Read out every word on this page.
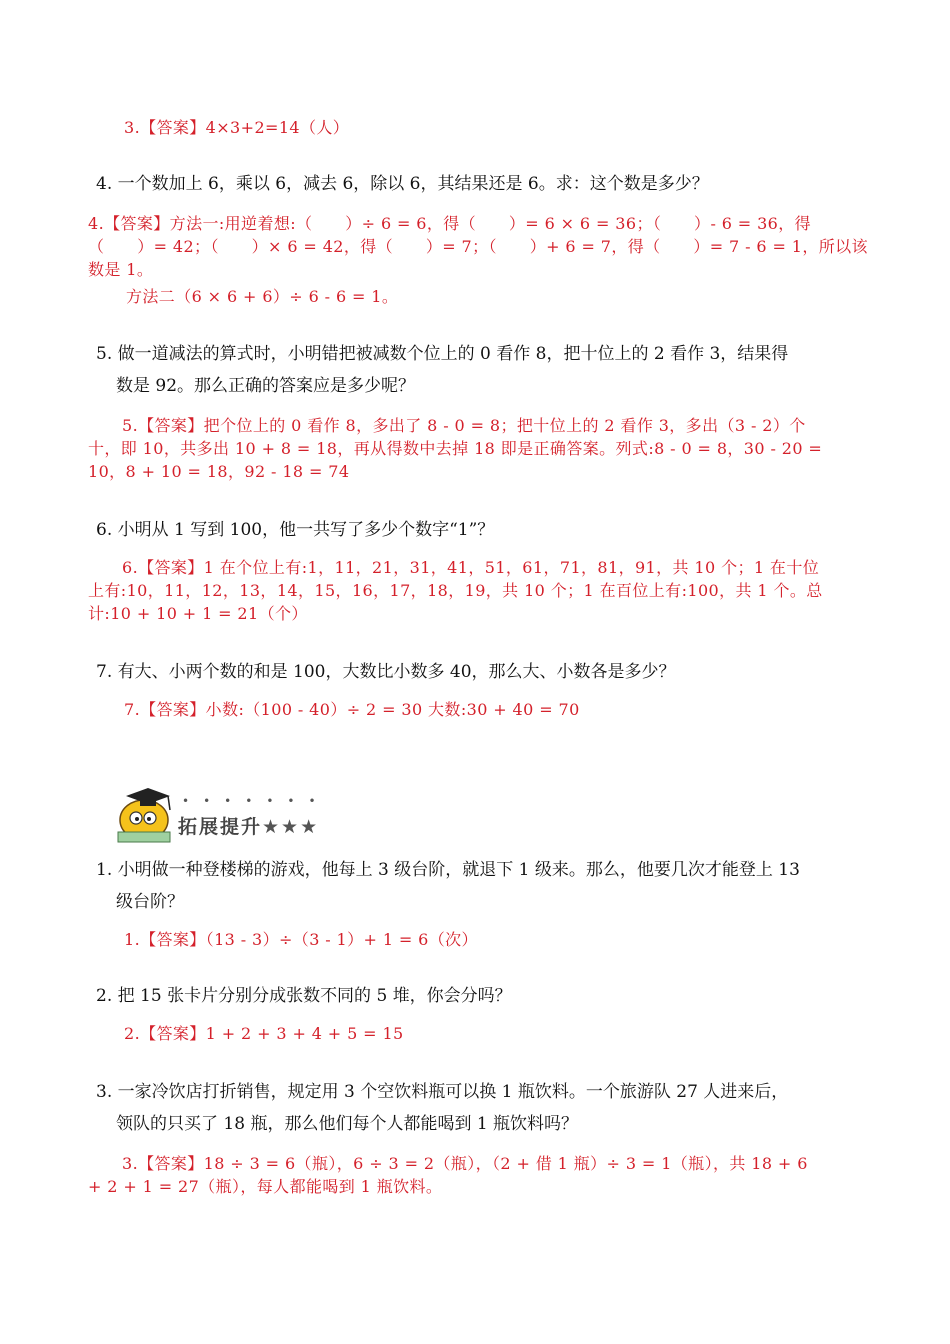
3.【答案】4×3+2=14（人）
4. 一个数加上 6，乘以 6，减去 6，除以 6，其结果还是 6。求：这个数是多少？
4.【答案】方法一:用逆着想:（　　）÷ 6 = 6，得（　　）= 6 × 6 = 36；（　　）- 6 = 36，得
（　　）= 42；（　　）× 6 = 42，得（　　）= 7；（　　）+ 6 = 7，得（　　）= 7 - 6 = 1，所以该
数是 1。
方法二（6 × 6 + 6）÷ 6 - 6 = 1。
5. 做一道减法的算式时，小明错把被减数个位上的 0 看作 8，把十位上的 2 看作 3，结果得
数是 92。那么正确的答案应是多少呢？
5.【答案】把个位上的 0 看作 8，多出了 8 - 0 = 8；把十位上的 2 看作 3，多出（3 - 2）个
十，即 10，共多出 10 + 8 = 18，再从得数中去掉 18 即是正确答案。列式:8 - 0 = 8，30 - 20 =
10，8 + 10 = 18，92 - 18 = 74
6. 小明从 1 写到 100，他一共写了多少个数字“1”？
6.【答案】1 在个位上有:1，11，21，31，41，51，61，71，81，91，共 10 个；1 在十位
上有:10，11，12，13，14，15，16，17，18，19，共 10 个；1 在百位上有:100，共 1 个。总
计:10 + 10 + 1 = 21（个）
7. 有大、小两个数的和是 100，大数比小数多 40，那么大、小数各是多少？
7.【答案】小数:（100 - 40）÷ 2 = 30 大数:30 + 40 = 70
•••••••
拓展提升★★★
1. 小明做一种登楼梯的游戏，他每上 3 级台阶，就退下 1 级来。那么，他要几次才能登上 13
级台阶？
1.【答案】（13 - 3）÷（3 - 1）+ 1 = 6（次）
2. 把 15 张卡片分别分成张数不同的 5 堆，你会分吗？
2.【答案】1 + 2 + 3 + 4 + 5 = 15
3. 一家冷饮店打折销售，规定用 3 个空饮料瓶可以换 1 瓶饮料。一个旅游队 27 人进来后，
领队的只买了 18 瓶，那么他们每个人都能喝到 1 瓶饮料吗？
3.【答案】18 ÷ 3 = 6（瓶），6 ÷ 3 = 2（瓶），（2 + 借 1 瓶）÷ 3 = 1（瓶），共 18 + 6
+ 2 + 1 = 27（瓶），每人都能喝到 1 瓶饮料。
